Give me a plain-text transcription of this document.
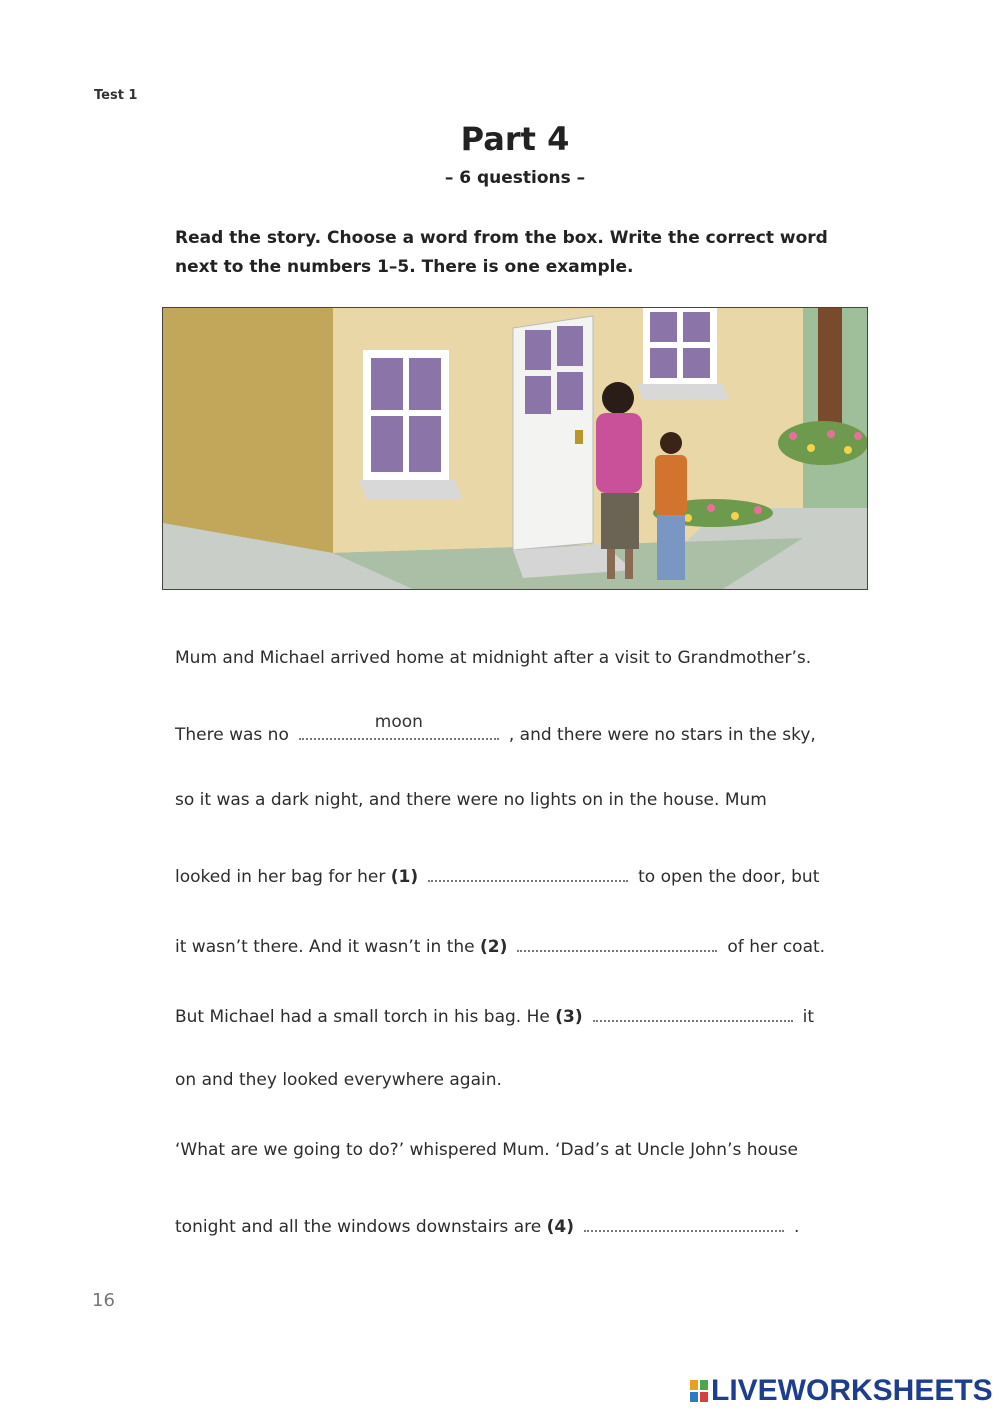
Test 1
Part 4
– 6 questions –
Read the story. Choose a word from the box. Write the correct word next to the numbers 1–5. There is one example.
Mum and Michael arrived home at midnight after a visit to Grandmother’s.
There was no
moon
, and there were no stars in the sky,
so it was a dark night, and there were no lights on in the house. Mum
looked in her bag for her (1)	to open the door, but
it wasn’t there. And it wasn’t in the (2)	of her coat.
But Michael had a small torch in his bag. He (3)	it
on and they looked everywhere again.
‘What are we going to do?’ whispered Mum. ‘Dad’s at Uncle John’s house
tonight and all the windows downstairs are (4)	.
16
LIVEWORKSHEETS
